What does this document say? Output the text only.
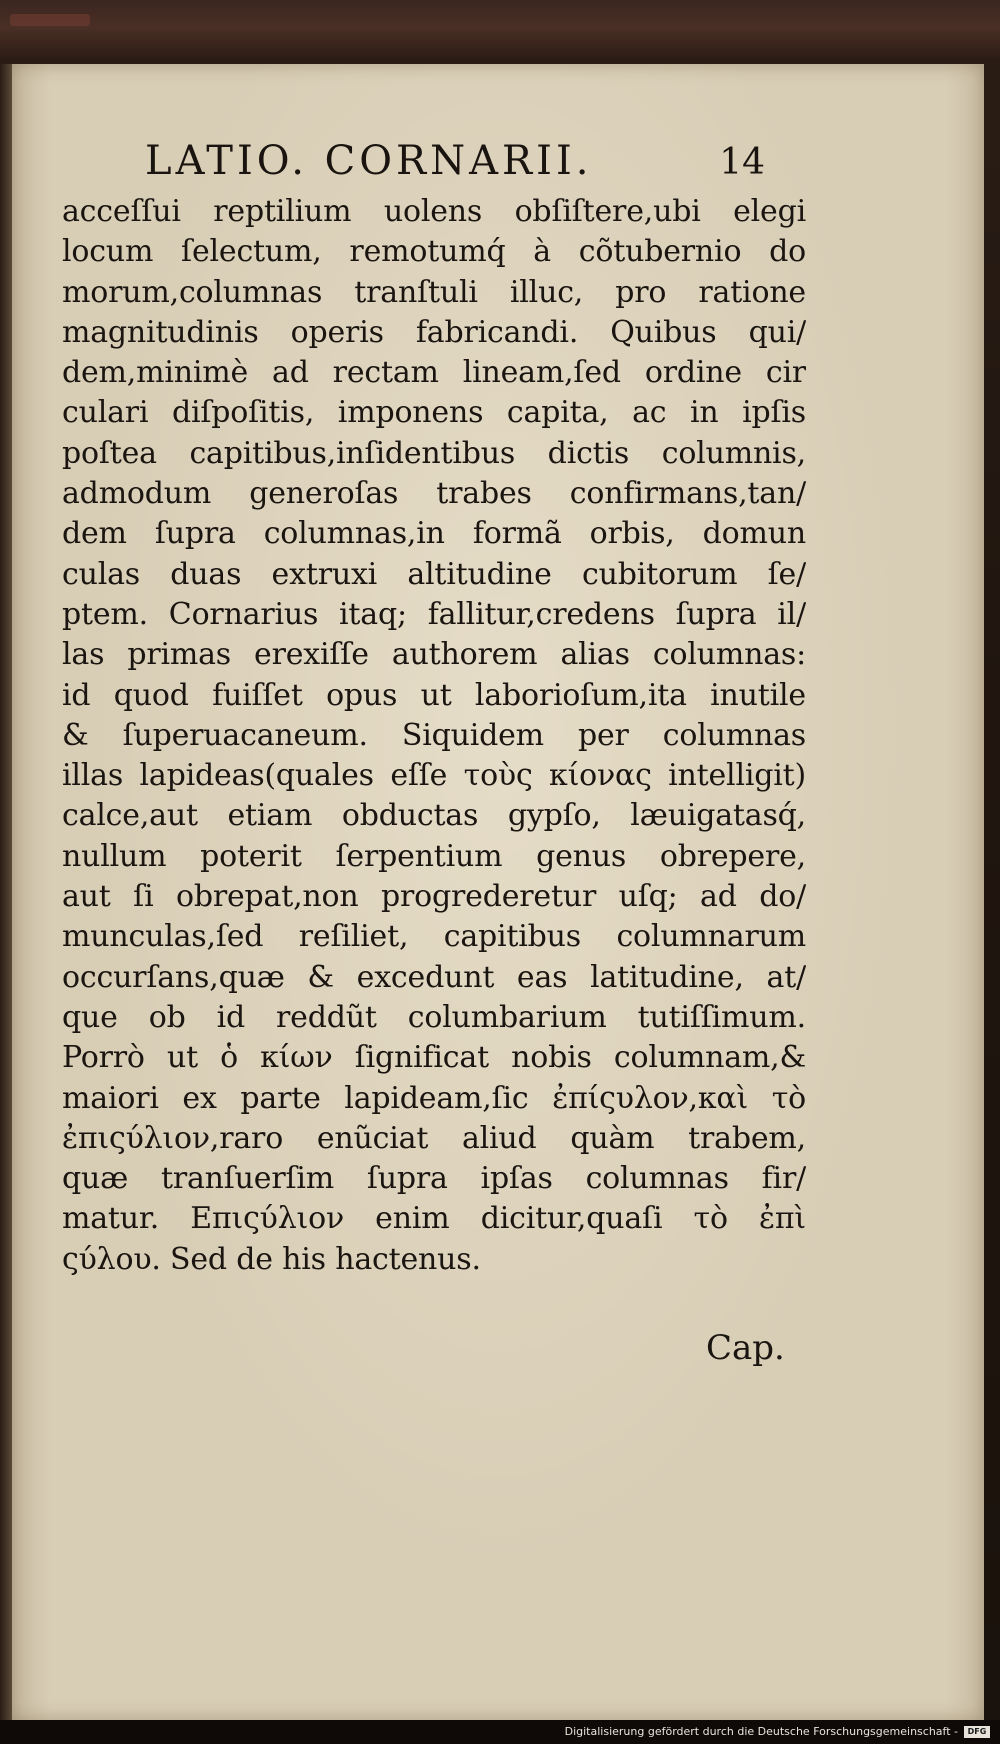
LATIO. CORNARII.	14
acceſſui reptilium uolens obſiſtere,ubi elegi
locum ſelectum, remotumq́ à cõtubernio do
morum,columnas tranſtuli illuc, pro ratione
magnitudinis operis fabricandi. Quibus qui/
dem,minimè ad rectam lineam,ſed ordine cir
culari diſpoſitis, imponens capita, ac in ipſis
poſtea capitibus,inſidentibus dictis columnis,
admodum generoſas trabes confirmans,tan/
dem ſupra columnas,in formã orbis, domun
culas duas extruxi altitudine cubitorum ſe/
ptem. Cornarius itaq; fallitur,credens ſupra il/
las primas erexiſſe authorem alias columnas:
id quod fuiſſet opus ut laborioſum,ita inutile
& ſuperuacaneum. Siquidem per columnas
illas lapideas(quales eſſe τοὺς κίονας intelligit)
calce,aut etiam obductas gypſo, læuigatasq́,
nullum poterit ſerpentium genus obrepere,
aut ſi obrepat,non progrederetur uſq; ad do/
munculas,ſed reſiliet, capitibus columnarum
occurſans,quæ & excedunt eas latitudine, at/
que ob id reddũt columbarium tutiſſimum.
Porrò ut ὁ κίων ſignificat nobis columnam,&
maiori ex parte lapideam,ſic ἐπίςυλον,καὶ τὸ
ἐπιςύλιον,raro enũciat aliud quàm trabem,
quæ tranſuerſim ſupra ipſas columnas fir/
matur. Επιςύλιον enim dicitur,quaſi τὸ ἐπὶ
ςύλου. Sed de his hactenus.
Cap.
Digitalisierung gefördert durch die Deutsche Forschungsgemeinschaft -	DFG
